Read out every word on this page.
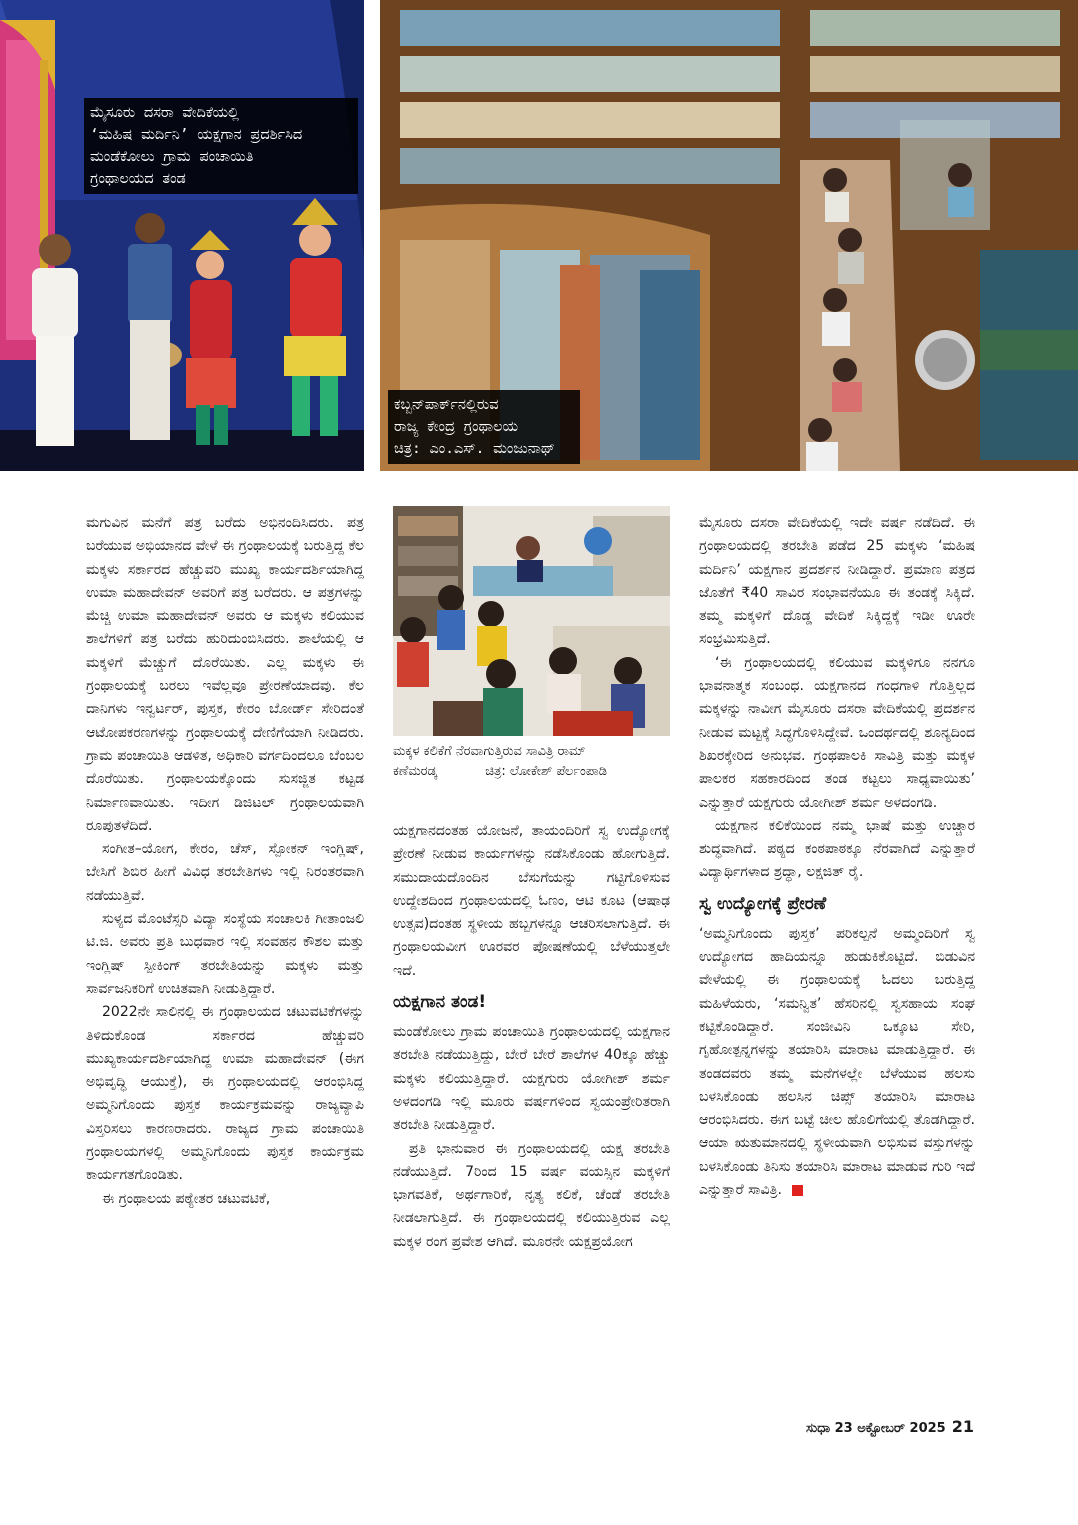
ಮೈಸೂರು ದಸರಾ ವೇದಿಕೆಯಲ್ಲಿ
‘ಮಹಿಷ ಮರ್ದಿನಿ’ ಯಕ್ಷಗಾನ ಪ್ರದರ್ಶಿಸಿದ
ಮಂಡೆಕೋಲು ಗ್ರಾಮ ಪಂಚಾಯಿತಿ
ಗ್ರಂಥಾಲಯದ ತಂಡ
ಕಬ್ಬನ್‌ಪಾರ್ಕ್‌ನಲ್ಲಿರುವ
ರಾಜ್ಯ ಕೇಂದ್ರ ಗ್ರಂಥಾಲಯ
ಚಿತ್ರ: ಎಂ.ಎಸ್. ಮಂಜುನಾಥ್
ಮಕ್ಕಳ ಕಲಿಕೆಗೆ ನೆರವಾಗುತ್ತಿರುವ ಸಾವಿತ್ರಿ ರಾಮ್
ಕಣೆಮರಡ್ಕ	ಚಿತ್ರ: ಲೋಕೇಶ್ ಪೆರ್ಲಂಪಾಡಿ

ಮಗುವಿನ ಮನೆಗೆ ಪತ್ರ ಬರೆದು ಅಭಿನಂದಿಸಿದರು. ಪತ್ರ ಬರೆಯುವ ಅಭಿಯಾನದ ವೇಳೆ ಈ ಗ್ರಂಥಾಲಯಕ್ಕೆ ಬರುತ್ತಿದ್ದ ಕೆಲ ಮಕ್ಕಳು ಸರ್ಕಾರದ ಹೆಚ್ಚುವರಿ ಮುಖ್ಯ ಕಾರ್ಯದರ್ಶಿಯಾಗಿದ್ದ ಉಮಾ ಮಹಾದೇವನ್ ಅವರಿಗೆ ಪತ್ರ ಬರೆದರು. ಆ ಪತ್ರಗಳನ್ನು ಮೆಚ್ಚಿ ಉಮಾ ಮಹಾದೇವನ್ ಅವರು ಆ ಮಕ್ಕಳು ಕಲಿಯುವ ಶಾಲೆಗಳಿಗೆ ಪತ್ರ ಬರೆದು ಹುರಿದುಂಬಿಸಿದರು. ಶಾಲೆಯಲ್ಲಿ ಆ ಮಕ್ಕಳಿಗೆ ಮೆಚ್ಚುಗೆ ದೊರೆಯಿತು. ಎಲ್ಲ ಮಕ್ಕಳು ಈ ಗ್ರಂಥಾಲಯಕ್ಕೆ ಬರಲು ಇವೆಲ್ಲವೂ ಪ್ರೇರಣೆಯಾದವು. ಕೆಲ ದಾನಿಗಳು ಇನ್ವರ್ಟರ್, ಪುಸ್ತಕ, ಕೇರಂ ಬೋರ್ಡ್ ಸೇರಿದಂತೆ ಆಟೋಪಕರಣಗಳನ್ನು ಗ್ರಂಥಾಲಯಕ್ಕೆ ದೇಣಿಗೆಯಾಗಿ ನೀಡಿದರು. ಗ್ರಾಮ ಪಂಚಾಯಿತಿ ಆಡಳಿತ, ಅಧಿಕಾರಿ ವರ್ಗದಿಂದಲೂ ಬೆಂಬಲ ದೊರೆಯಿತು. ಗ್ರಂಥಾಲಯಕ್ಕೊಂದು ಸುಸಜ್ಜಿತ ಕಟ್ಟಡ ನಿರ್ಮಾಣವಾಯಿತು. ಇದೀಗ ಡಿಜಿಟಲ್ ಗ್ರಂಥಾಲಯವಾಗಿ ರೂಪುತಳೆದಿದೆ.

ಸಂಗೀತ–ಯೋಗ, ಕೇರಂ, ಚೆಸ್, ಸ್ಪೋಕನ್ ಇಂಗ್ಲಿಷ್, ಬೇಸಿಗೆ ಶಿಬಿರ ಹೀಗೆ ವಿವಿಧ ತರಬೇತಿಗಳು ಇಲ್ಲಿ ನಿರಂತರವಾಗಿ ನಡೆಯುತ್ತಿವೆ.

ಸುಳ್ಯದ ಮೊಂಟೆಸ್ಸರಿ ವಿದ್ಯಾ ಸಂಸ್ಥೆಯ ಸಂಚಾಲಕಿ ಗೀತಾಂಜಲಿ ಟಿ.ಜಿ. ಅವರು ಪ್ರತಿ ಬುಧವಾರ ಇಲ್ಲಿ ಸಂವಹನ ಕೌಶಲ ಮತ್ತು ಇಂಗ್ಲಿಷ್ ಸ್ಪೀಕಿಂಗ್ ತರಬೇತಿಯನ್ನು ಮಕ್ಕಳು ಮತ್ತು ಸಾರ್ವಜನಿಕರಿಗೆ ಉಚಿತವಾಗಿ ನೀಡುತ್ತಿದ್ದಾರೆ.

2022ನೇ ಸಾಲಿನಲ್ಲಿ ಈ ಗ್ರಂಥಾಲಯದ ಚಟುವಟಿಕೆಗಳನ್ನು ತಿಳಿದುಕೊಂಡ ಸರ್ಕಾರದ ಹೆಚ್ಚುವರಿ ಮುಖ್ಯಕಾರ್ಯದರ್ಶಿಯಾಗಿದ್ದ ಉಮಾ ಮಹಾದೇವನ್ (ಈಗ ಅಭಿವೃದ್ಧಿ ಆಯುಕ್ತೆ), ಈ ಗ್ರಂಥಾಲಯದಲ್ಲಿ ಆರಂಭಿಸಿದ್ದ ಅಮ್ಮನಿಗೊಂದು ಪುಸ್ತಕ ಕಾರ್ಯಕ್ರಮವನ್ನು ರಾಜ್ಯವ್ಯಾಪಿ ವಿಸ್ತರಿಸಲು ಕಾರಣರಾದರು. ರಾಜ್ಯದ ಗ್ರಾಮ ಪಂಚಾಯಿತಿ ಗ್ರಂಥಾಲಯಗಳಲ್ಲಿ ಅಮ್ಮನಿಗೊಂದು ಪುಸ್ತಕ ಕಾರ್ಯಕ್ರಮ ಕಾರ್ಯಗತಗೊಂಡಿತು.

ಈ ಗ್ರಂಥಾಲಯ ಪಠ್ಯೇತರ ಚಟುವಟಿಕೆ,

ಯಕ್ಷಗಾನದಂತಹ ಯೋಜನೆ, ತಾಯಂದಿರಿಗೆ ಸ್ವ ಉದ್ಯೋಗಕ್ಕೆ ಪ್ರೇರಣೆ ನೀಡುವ ಕಾರ್ಯಗಳನ್ನು ನಡೆಸಿಕೊಂಡು ಹೋಗುತ್ತಿದೆ. ಸಮುದಾಯದೊಂದಿನ ಬೆಸುಗೆಯನ್ನು ಗಟ್ಟಿಗೊಳಿಸುವ ಉದ್ದೇಶದಿಂದ ಗ್ರಂಥಾಲಯದಲ್ಲಿ ಓಣಂ, ಆಟಿ ಕೂಟ (ಆಷಾಢ ಉತ್ಸವ)ದಂತಹ ಸ್ಥಳೀಯ ಹಬ್ಬಗಳನ್ನೂ ಆಚರಿಸಲಾಗುತ್ತಿದೆ. ಈ ಗ್ರಂಥಾಲಯವೀಗ ಊರವರ ಪೋಷಣೆಯಲ್ಲಿ ಬೆಳೆಯುತ್ತಲೇ ಇದೆ.

ಯಕ್ಷಗಾನ ತಂಡ!

ಮಂಡೆಕೋಲು ಗ್ರಾಮ ಪಂಚಾಯಿತಿ ಗ್ರಂಥಾಲಯದಲ್ಲಿ ಯಕ್ಷಗಾನ ತರಬೇತಿ ನಡೆಯುತ್ತಿದ್ದು, ಬೇರೆ ಬೇರೆ ಶಾಲೆಗಳ 40ಕ್ಕೂ ಹೆಚ್ಚು ಮಕ್ಕಳು ಕಲಿಯುತ್ತಿದ್ದಾರೆ. ಯಕ್ಷಗುರು ಯೋಗೀಶ್ ಶರ್ಮ ಅಳದಂಗಡಿ ಇಲ್ಲಿ ಮೂರು ವರ್ಷಗಳಿಂದ ಸ್ವಯಂಪ್ರೇರಿತರಾಗಿ ತರಬೇತಿ ನೀಡುತ್ತಿದ್ದಾರೆ.

ಪ್ರತಿ ಭಾನುವಾರ ಈ ಗ್ರಂಥಾಲಯದಲ್ಲಿ ಯಕ್ಷ ತರಬೇತಿ ನಡೆಯುತ್ತಿದೆ. 7ರಿಂದ 15 ವರ್ಷ ವಯಸ್ಸಿನ ಮಕ್ಕಳಿಗೆ ಭಾಗವತಿಕೆ, ಅರ್ಥಗಾರಿಕೆ, ನೃತ್ಯ ಕಲಿಕೆ, ಚೆಂಡೆ ತರಬೇತಿ ನೀಡಲಾಗುತ್ತಿದೆ. ಈ ಗ್ರಂಥಾಲಯದಲ್ಲಿ ಕಲಿಯುತ್ತಿರುವ ಎಲ್ಲ ಮಕ್ಕಳ ರಂಗ ಪ್ರವೇಶ ಆಗಿದೆ. ಮೂರನೇ ಯಕ್ಷಪ್ರಯೋಗ

ಮೈಸೂರು ದಸರಾ ವೇದಿಕೆಯಲ್ಲಿ ಇದೇ ವರ್ಷ ನಡೆದಿದೆ. ಈ ಗ್ರಂಥಾಲಯದಲ್ಲಿ ತರಬೇತಿ ಪಡೆದ 25 ಮಕ್ಕಳು ‘ಮಹಿಷ ಮರ್ದಿನಿ’ ಯಕ್ಷಗಾನ ಪ್ರದರ್ಶನ ನೀಡಿದ್ದಾರೆ. ಪ್ರಮಾಣ ಪತ್ರದ ಜೊತೆಗೆ ₹40 ಸಾವಿರ ಸಂಭಾವನೆಯೂ ಈ ತಂಡಕ್ಕೆ ಸಿಕ್ಕಿದೆ. ತಮ್ಮ ಮಕ್ಕಳಿಗೆ ದೊಡ್ಡ ವೇದಿಕೆ ಸಿಕ್ಕಿದ್ದಕ್ಕೆ ಇಡೀ ಊರೇ ಸಂಭ್ರಮಿಸುತ್ತಿದೆ.

‘ಈ ಗ್ರಂಥಾಲಯದಲ್ಲಿ ಕಲಿಯುವ ಮಕ್ಕಳಿಗೂ ನನಗೂ ಭಾವನಾತ್ಮಕ ಸಂಬಂಧ. ಯಕ್ಷಗಾನದ ಗಂಧಗಾಳಿ ಗೊತ್ತಿಲ್ಲದ ಮಕ್ಕಳನ್ನು ನಾವೀಗ ಮೈಸೂರು ದಸರಾ ವೇದಿಕೆಯಲ್ಲಿ ಪ್ರದರ್ಶನ ನೀಡುವ ಮಟ್ಟಕ್ಕೆ ಸಿದ್ಧಗೊಳಿಸಿದ್ದೇವೆ. ಒಂದರ್ಥದಲ್ಲಿ ಶೂನ್ಯದಿಂದ ಶಿಖರಕ್ಕೇರಿದ ಅನುಭವ. ಗ್ರಂಥಪಾಲಕಿ ಸಾವಿತ್ರಿ ಮತ್ತು ಮಕ್ಕಳ ಪಾಲಕರ ಸಹಕಾರದಿಂದ ತಂಡ ಕಟ್ಟಲು ಸಾಧ್ಯವಾಯಿತು’ ಎನ್ನುತ್ತಾರೆ ಯಕ್ಷಗುರು ಯೋಗೀಶ್ ಶರ್ಮ ಅಳದಂಗಡಿ.

ಯಕ್ಷಗಾನ ಕಲಿಕೆಯಿಂದ ನಮ್ಮ ಭಾಷೆ ಮತ್ತು ಉಚ್ಚಾರ ಶುದ್ಧವಾಗಿದೆ. ಪಠ್ಯದ ಕಂಠಪಾಠಕ್ಕೂ ನೆರವಾಗಿದೆ ಎನ್ನುತ್ತಾರೆ ವಿದ್ಯಾರ್ಥಿಗಳಾದ ಶ್ರದ್ಧಾ, ಲಕ್ಷಜಿತ್ ರೈ.

ಸ್ವ ಉದ್ಯೋಗಕ್ಕೆ ಪ್ರೇರಣೆ

‘ಅಮ್ಮನಿಗೊಂದು ಪುಸ್ತಕ’ ಪರಿಕಲ್ಪನೆ ಅಮ್ಮಂದಿರಿಗೆ ಸ್ವ ಉದ್ಯೋಗದ ಹಾದಿಯನ್ನೂ ಹುಡುಕಿಕೊಟ್ಟಿದೆ. ಬಿಡುವಿನ ವೇಳೆಯಲ್ಲಿ ಈ ಗ್ರಂಥಾಲಯಕ್ಕೆ ಓದಲು ಬರುತ್ತಿದ್ದ ಮಹಿಳೆಯರು, ‘ಸಮನ್ವಿತ’ ಹೆಸರಿನಲ್ಲಿ ಸ್ವಸಹಾಯ ಸಂಘ ಕಟ್ಟಿಕೊಂಡಿದ್ದಾರೆ. ಸಂಜೀವಿನಿ ಒಕ್ಕೂಟ ಸೇರಿ, ಗೃಹೋತ್ಪನ್ನಗಳನ್ನು ತಯಾರಿಸಿ ಮಾರಾಟ ಮಾಡುತ್ತಿದ್ದಾರೆ. ಈ ತಂಡದವರು ತಮ್ಮ ಮನೆಗಳಲ್ಲೇ ಬೆಳೆಯುವ ಹಲಸು ಬಳಸಿಕೊಂಡು ಹಲಸಿನ ಚಿಪ್ಸ್ ತಯಾರಿಸಿ ಮಾರಾಟ ಆರಂಭಿಸಿದರು. ಈಗ ಬಟ್ಟೆ ಚೀಲ ಹೊಲಿಗೆಯಲ್ಲಿ ತೊಡಗಿದ್ದಾರೆ. ಆಯಾ ಋತುಮಾನದಲ್ಲಿ ಸ್ಥಳೀಯವಾಗಿ ಲಭಿಸುವ ವಸ್ತುಗಳನ್ನು ಬಳಸಿಕೊಂಡು ತಿನಿಸು ತಯಾರಿಸಿ ಮಾರಾಟ ಮಾಡುವ ಗುರಿ ಇದೆ ಎನ್ನುತ್ತಾರೆ ಸಾವಿತ್ರಿ.

ಸುಧಾ 23 ಅಕ್ಟೋಬರ್ 2025 21
